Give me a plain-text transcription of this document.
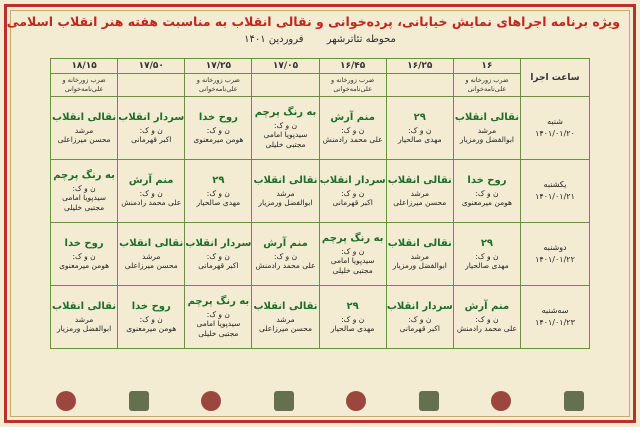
ویژه برنامه اجراهای نمایش خیابانی، پرده‌خوانی و نقالی انقلاب به مناسبت هفته هنر انقلاب اسلامی
محوطه تئاترشهر فروردین ۱۴۰۱
ساعت اجرا	۱۶	۱۶/۲۵	۱۶/۴۵	۱۷/۰۵	۱۷/۲۵	۱۷/۵۰	۱۸/۱۵
	ضرب زورخانه و علی‌نامه‌خوانی		ضرب زورخانه و علی‌نامه‌خوانی		ضرب زورخانه و علی‌نامه‌خوانی		ضرب زورخانه و علی‌نامه‌خوانی

شنبه
۱۴۰۱/۰۱/۲۰	نقالی انقلاب
مرشد
ابوالفضل ورمزیار	۲۹
ن و ک:
مهدی صالحیار	منم آرش
ن و ک:
علی محمد رادمنش	به رنگ پرچم
ن و ک:
سیدپویا امامی
مجتبی خلیلی	روح خدا
ن و ک:
هومن میرمعنوی	سردار انقلاب
ن و ک:
اکبر قهرمانی	نقالی انقلاب
مرشد
محسن میرزاعلی

یکشنبه
۱۴۰۱/۰۱/۲۱	روح خدا
ن و ک:
هومن میرمعنوی	نقالی انقلاب
مرشد
محسن میرزاعلی	سردار انقلاب
ن و ک:
اکبر قهرمانی	نقالی انقلاب
مرشد
ابوالفضل ورمزیار	۲۹
ن و ک:
مهدی صالحیار	منم آرش
ن و ک:
علی محمد رادمنش	به رنگ پرچم
ن و ک:
سیدپویا امامی
مجتبی خلیلی

دوشنبه
۱۴۰۱/۰۱/۲۲	۲۹
ن و ک:
مهدی صالحیار	نقالی انقلاب
مرشد
ابوالفضل ورمزیار	به رنگ پرچم
ن و ک:
سیدپویا امامی
مجتبی خلیلی	منم آرش
ن و ک:
علی محمد رادمنش	سردار انقلاب
ن و ک:
اکبر قهرمانی	نقالی انقلاب
مرشد
محسن میرزاعلی	روح خدا
ن و ک:
هومن میرمعنوی

سه‌شنبه
۱۴۰۱/۰۱/۲۳	منم آرش
ن و ک:
علی محمد رادمنش	سردار انقلاب
ن و ک:
اکبر قهرمانی	۲۹
ن و ک:
مهدی صالحیار	نقالی انقلاب
مرشد
محسن میرزاعلی	به رنگ پرچم
ن و ک:
سیدپویا امامی
مجتبی خلیلی	روح خدا
ن و ک:
هومن میرمعنوی	نقالی انقلاب
مرشد
ابوالفضل ورمزیار
